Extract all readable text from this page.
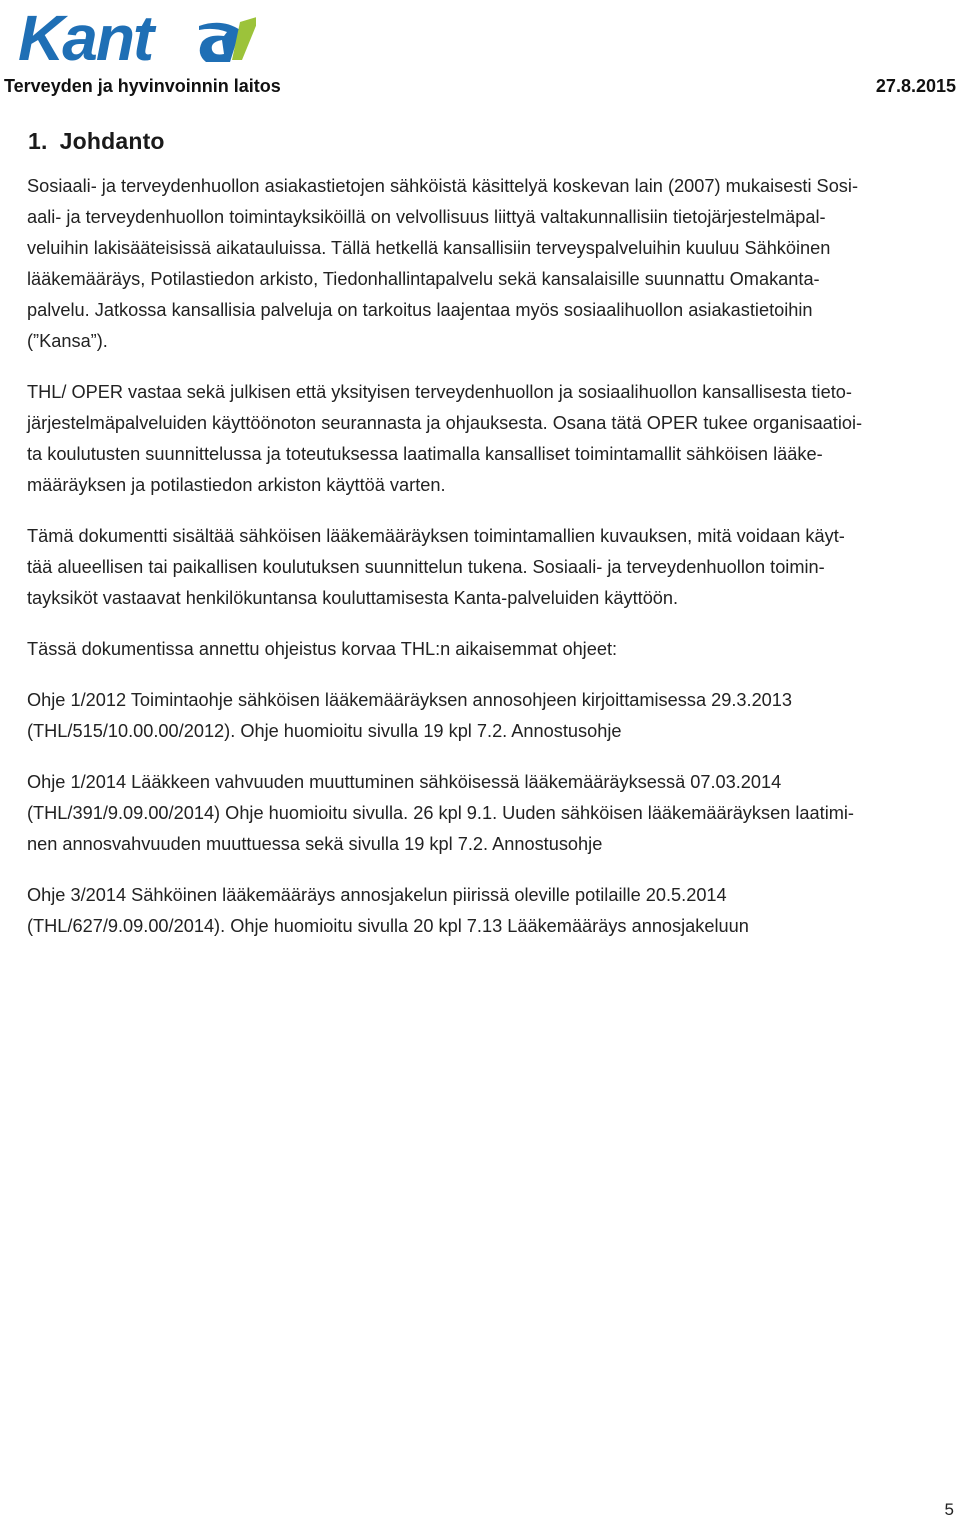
Kant
Terveyden ja hyvinvoinnin laitos	27.8.2015
1. Johdanto

Sosiaali- ja terveydenhuollon asiakastietojen sähköistä käsittelyä koskevan lain (2007) mukaisesti Sosi-
aali- ja terveydenhuollon toimintayksiköillä on velvollisuus liittyä valtakunnallisiin tietojärjestelmäpal-
veluihin lakisääteisissä aikatauluissa. Tällä hetkellä kansallisiin terveyspalveluihin kuuluu Sähköinen
lääkemääräys, Potilastiedon arkisto, Tiedonhallintapalvelu sekä kansalaisille suunnattu Omakanta-
palvelu. Jatkossa kansallisia palveluja on tarkoitus laajentaa myös sosiaalihuollon asiakastietoihin
(”Kansa”).

THL/ OPER vastaa sekä julkisen että yksityisen terveydenhuollon ja sosiaalihuollon kansallisesta tieto-
järjestelmäpalveluiden käyttöönoton seurannasta ja ohjauksesta. Osana tätä OPER tukee organisaatioi-
ta koulutusten suunnittelussa ja toteutuksessa laatimalla kansalliset toimintamallit sähköisen lääke-
määräyksen ja potilastiedon arkiston käyttöä varten.

Tämä dokumentti sisältää sähköisen lääkemääräyksen toimintamallien kuvauksen, mitä voidaan käyt-
tää alueellisen tai paikallisen koulutuksen suunnittelun tukena. Sosiaali- ja terveydenhuollon toimin-
tayksiköt vastaavat henkilökuntansa kouluttamisesta Kanta-palveluiden käyttöön.

Tässä dokumentissa annettu ohjeistus korvaa THL:n aikaisemmat ohjeet:

Ohje 1/2012 Toimintaohje sähköisen lääkemääräyksen annosohjeen kirjoittamisessa 29.3.2013
(THL/515/10.00.00/2012). Ohje huomioitu sivulla 19 kpl 7.2. Annostusohje

Ohje 1/2014 Lääkkeen vahvuuden muuttuminen sähköisessä lääkemääräyksessä 07.03.2014
(THL/391/9.09.00/2014) Ohje huomioitu sivulla. 26 kpl 9.1. Uuden sähköisen lääkemääräyksen laatimi-
nen annosvahvuuden muuttuessa sekä sivulla 19 kpl 7.2. Annostusohje

Ohje 3/2014 Sähköinen lääkemääräys annosjakelun piirissä oleville potilaille 20.5.2014
(THL/627/9.09.00/2014). Ohje huomioitu sivulla 20 kpl 7.13 Lääkemääräys annosjakeluun

5
